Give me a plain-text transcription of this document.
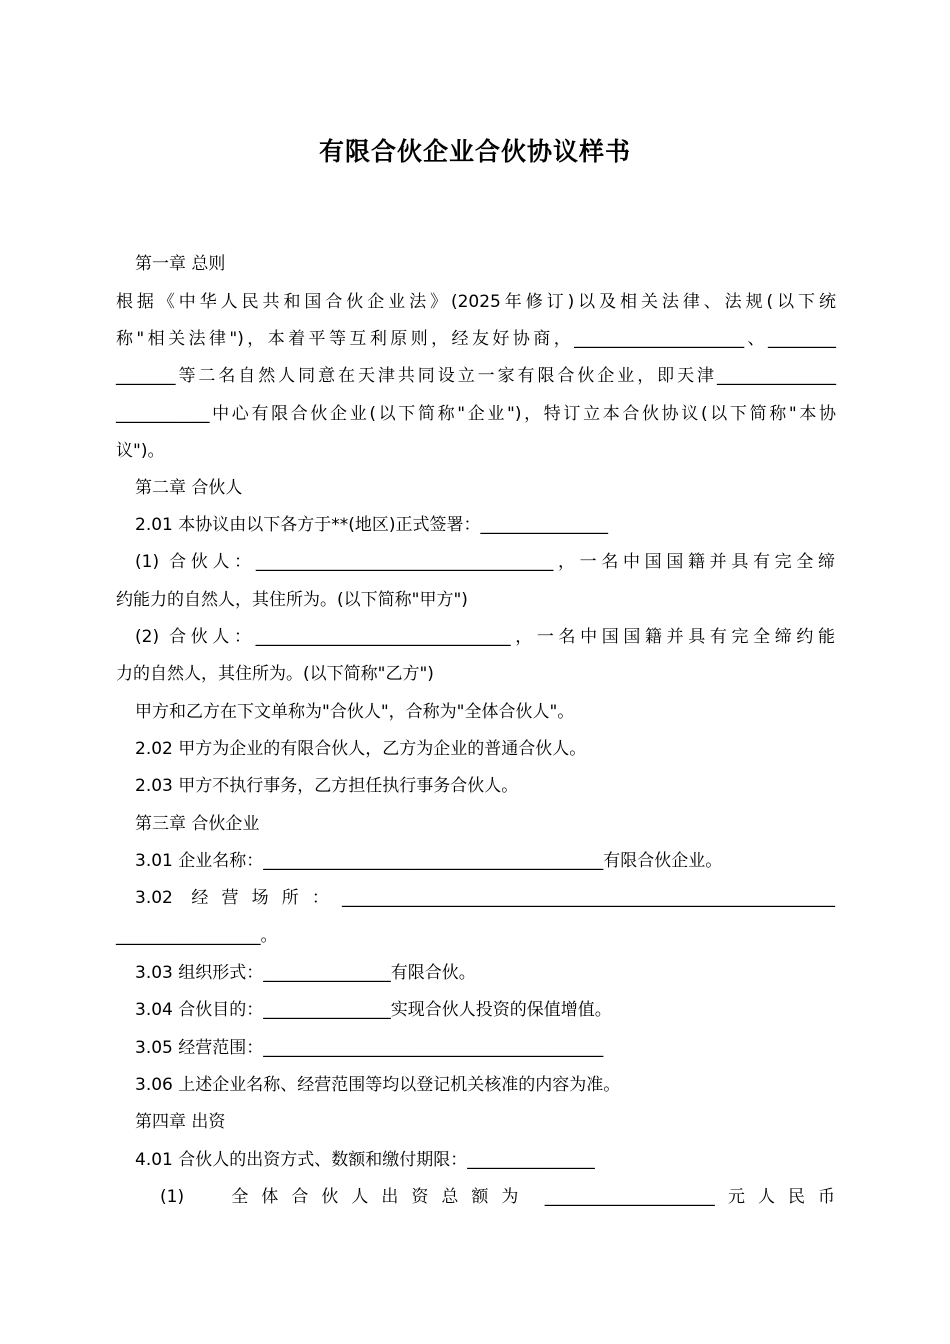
有限合伙企业合伙协议样书
第一章 总则
根据《中华人民共和国合伙企业法》(2025年修订)以及相关法律、法规(以下统
称"相关法律")，本着平等互利原则，经友好协商，____________________、________
_______等二名自然人同意在天津共同设立一家有限合伙企业，即天津______________
___________中心有限合伙企业(以下简称"企业")，特订立本合伙协议(以下简称"本协
议")。
第二章 合伙人
2.01 本协议由以下各方于**(地区)正式签署：_______________
(1) 合伙人：___________________________________，一名中国国籍并具有完全缔
约能力的自然人，其住所为。(以下简称"甲方")
(2) 合伙人：______________________________，一名中国国籍并具有完全缔约能
力的自然人，其住所为。(以下简称"乙方")
甲方和乙方在下文单称为"合伙人"，合称为"全体合伙人"。
2.02 甲方为企业的有限合伙人，乙方为企业的普通合伙人。
2.03 甲方不执行事务，乙方担任执行事务合伙人。
第三章 合伙企业
3.01 企业名称：________________________________________有限合伙企业。
3.02 经营场所：__________________________________________________________
_________________。
3.03 组织形式：_______________有限合伙。
3.04 合伙目的：_______________实现合伙人投资的保值增值。
3.05 经营范围：________________________________________
3.06 上述企业名称、经营范围等均以登记机关核准的内容为准。
第四章 出资
4.01 合伙人的出资方式、数额和缴付期限：_______________
(1)	全体合伙人出资总额为 ____________________ 元人民币
